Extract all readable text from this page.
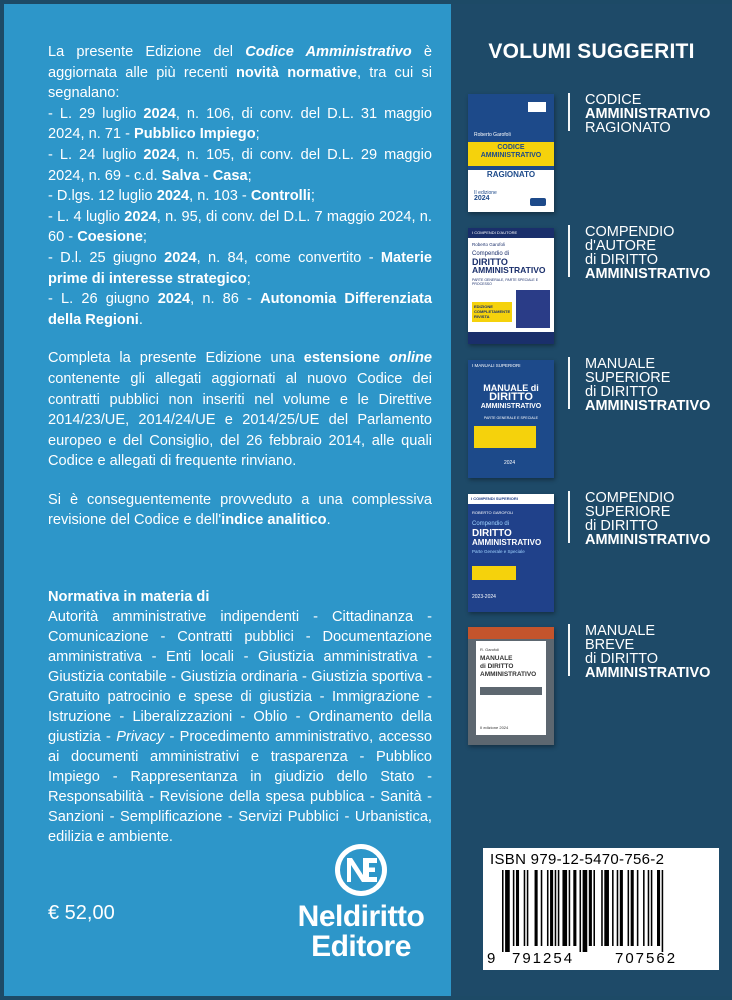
La presente Edizione del Codice Amministrativo è aggiornata alle più recenti novità normative, tra cui si segnalano:

- L. 29 luglio 2024, n. 106, di conv. del D.L. 31 maggio 2024, n. 71 - Pubblico Impiego;
- L. 24 luglio 2024, n. 105, di conv. del D.L. 29 maggio 2024, n. 69 - c.d. Salva - Casa;
- D.lgs. 12 luglio 2024, n. 103 - Controlli;
- L. 4 luglio 2024, n. 95, di conv. del D.L. 7 maggio 2024, n. 60 - Coesione;
- D.l. 25 giugno 2024, n. 84, come convertito - Materie prime di interesse strategico;
- L. 26 giugno 2024, n. 86 - Autonomia Differenziata della Regioni.

Completa la presente Edizione una estensione online contenente gli allegati aggiornati al nuovo Codice dei contratti pubblici non inseriti nel volume e le Direttive 2014/23/UE, 2014/24/UE e 2014/25/UE del Parlamento europeo e del Consiglio, del 26 febbraio 2014, alle quali Codice e allegati di frequente rinviano.

Si è conseguentemente provveduto a una complessiva revisione del Codice e dell'indice analitico.

Normativa in materia di
Autorità amministrative indipendenti - Cittadinanza - Comunicazione - Contratti pubblici - Documentazione amministrativa - Enti locali - Giustizia amministrativa - Giustizia contabile - Giustizia ordinaria - Giustizia sportiva - Gratuito patrocinio e spese di giustizia - Immigrazione - Istruzione - Liberalizzazioni - Oblio - Ordinamento della giustizia - Privacy - Procedimento amministrativo, accesso ai documenti amministrativi e trasparenza - Pubblico Impiego - Rappresentanza in giudizio dello Stato - Responsabilità - Revisione della spesa pubblica - Sanità - Sanzioni - Semplificazione - Servizi Pubblici - Urbanistica, edilizia e ambiente.
€ 52,00	Neldiritto
Editore
VOLUMI SUGGERITI
Roberto Garofoli
CODICE
AMMINISTRATIVO
RAGIONATO
II edizione
2024
CODICE
AMMINISTRATIVO
RAGIONATO
I COMPENDI D'AUTORE
Roberto Garofoli
Compendio di
DIRITTO
AMMINISTRATIVO
PARTE GENERALE, PARTE SPECIALE E PROCESSO
EDIZIONE COMPLETAMENTE RIVISTA
COMPENDIO
d'AUTORE
di DIRITTO
AMMINISTRATIVO
I MANUALI SUPERIORI
MANUALE di
DIRITTO
AMMINISTRATIVO
PARTE GENERALE E SPECIALE
2024
MANUALE
SUPERIORE
di DIRITTO
AMMINISTRATIVO
I COMPENDI SUPERIORI
ROBERTO GAROFOLI
Compendio di
DIRITTO
AMMINISTRATIVO
Parte Generale e Speciale
2023-2024
COMPENDIO
SUPERIORE
di DIRITTO
AMMINISTRATIVO
R. Garofoli
MANUALE
di DIRITTO
AMMINISTRATIVO
II edizione 2024
MANUALE
BREVE
di DIRITTO
AMMINISTRATIVO
ISBN 979-12-5470-756-2
9 791254	707562
